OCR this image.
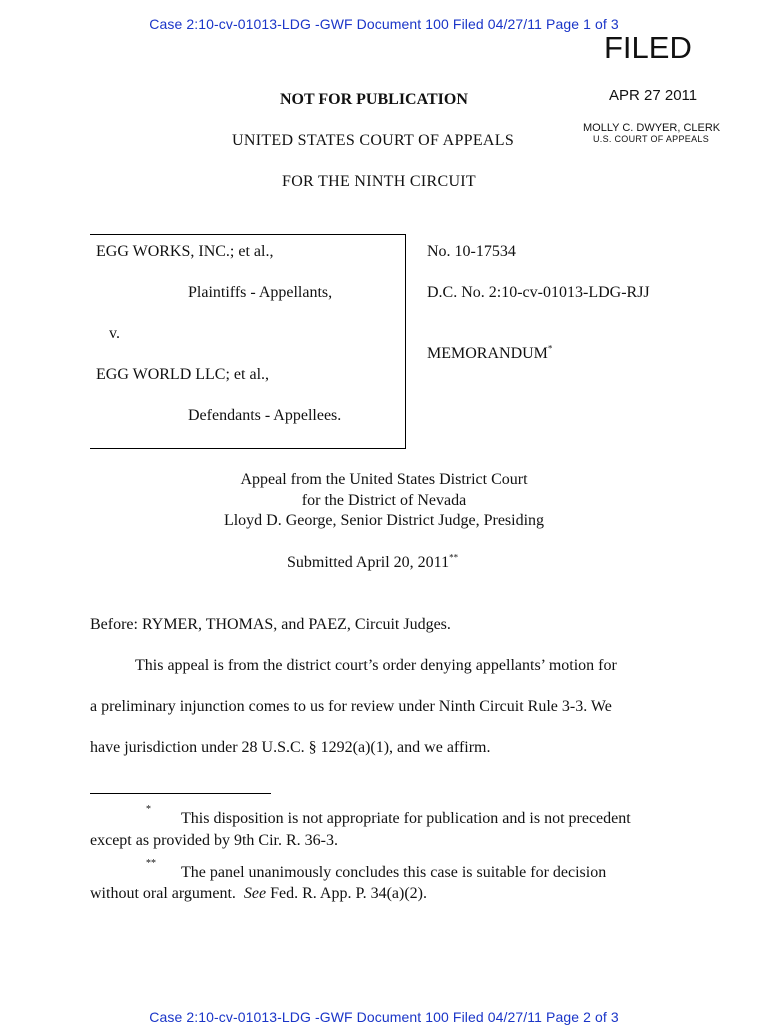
Case 2:10-cv-01013-LDG -GWF Document 100 Filed 04/27/11 Page 1 of 3
FILED
APR 27 2011
MOLLY C. DWYER, CLERK
U.S. COURT OF APPEALS
NOT FOR PUBLICATION
UNITED STATES COURT OF APPEALS
FOR THE NINTH CIRCUIT
EGG WORKS, INC.; et al.,
Plaintiffs - Appellants,
v.
EGG WORLD LLC; et al.,
Defendants - Appellees.
No. 10-17534
D.C. No. 2:10-cv-01013-LDG-RJJ
MEMORANDUM*
Appeal from the United States District Court
for the District of Nevada
Lloyd D. George, Senior District Judge, Presiding
Submitted April 20, 2011**
Before: RYMER, THOMAS, and PAEZ, Circuit Judges.
This appeal is from the district court’s order denying appellants’ motion for
a preliminary injunction comes to us for review under Ninth Circuit Rule 3-3. We
have jurisdiction under 28 U.S.C. § 1292(a)(1), and we affirm.
*
This disposition is not appropriate for publication and is not precedent
except as provided by 9th Cir. R. 36-3.
**
The panel unanimously concludes this case is suitable for decision
without oral argument. See Fed. R. App. P. 34(a)(2).
Case 2:10-cv-01013-LDG -GWF Document 100 Filed 04/27/11 Page 2 of 3
